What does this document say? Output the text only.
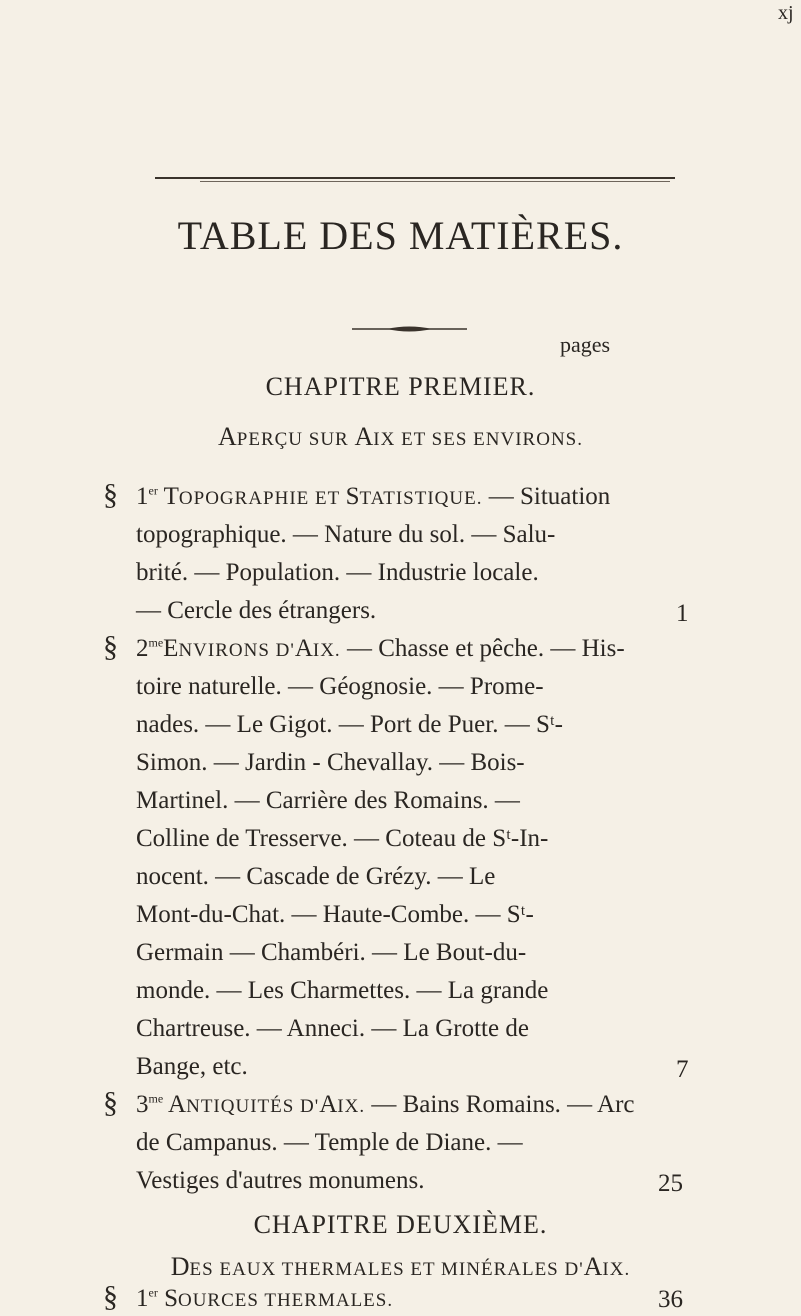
xj
TABLE DES MATIÈRES.
pages
CHAPITRE PREMIER.
APERÇU SUR AIX ET SES ENVIRONS.
§ 1er TOPOGRAPHIE ET STATISTIQUE. — Situation
topographique. — Nature du sol. — Salu-
brité. — Population. — Industrie locale.
— Cercle des étrangers.	1
§ $2^{me}ENVIRONS$ D'AIX. — Chasse et pêche. — His-
toire naturelle. — Géognosie. — Prome-
nades. — Le Gigot. — Port de Puer. — Sᵗ-
Simon. — Jardin - Chevallay. — Bois-
Martinel. — Carrière des Romains. —
Colline de Tresserve. — Coteau de Sᵗ-In-
nocent. — Cascade de Grézy. — Le
Mont-du-Chat. — Haute-Combe. — Sᵗ-
Germain — Chambéri. — Le Bout-du-
monde. — Les Charmettes. — La grande
Chartreuse. — Anneci. — La Grotte de
Bange, etc.	7
§ $3^{me}$ ANTIQUITÉS D'AIX. — Bains Romains. — Arc
de Campanus. — Temple de Diane. —
Vestiges d'autres monumens.	25
CHAPITRE DEUXIÈME.
DES EAUX THERMALES ET MINÉRALES D'AIX.
§ 1er SOURCES THERMALES.	36
